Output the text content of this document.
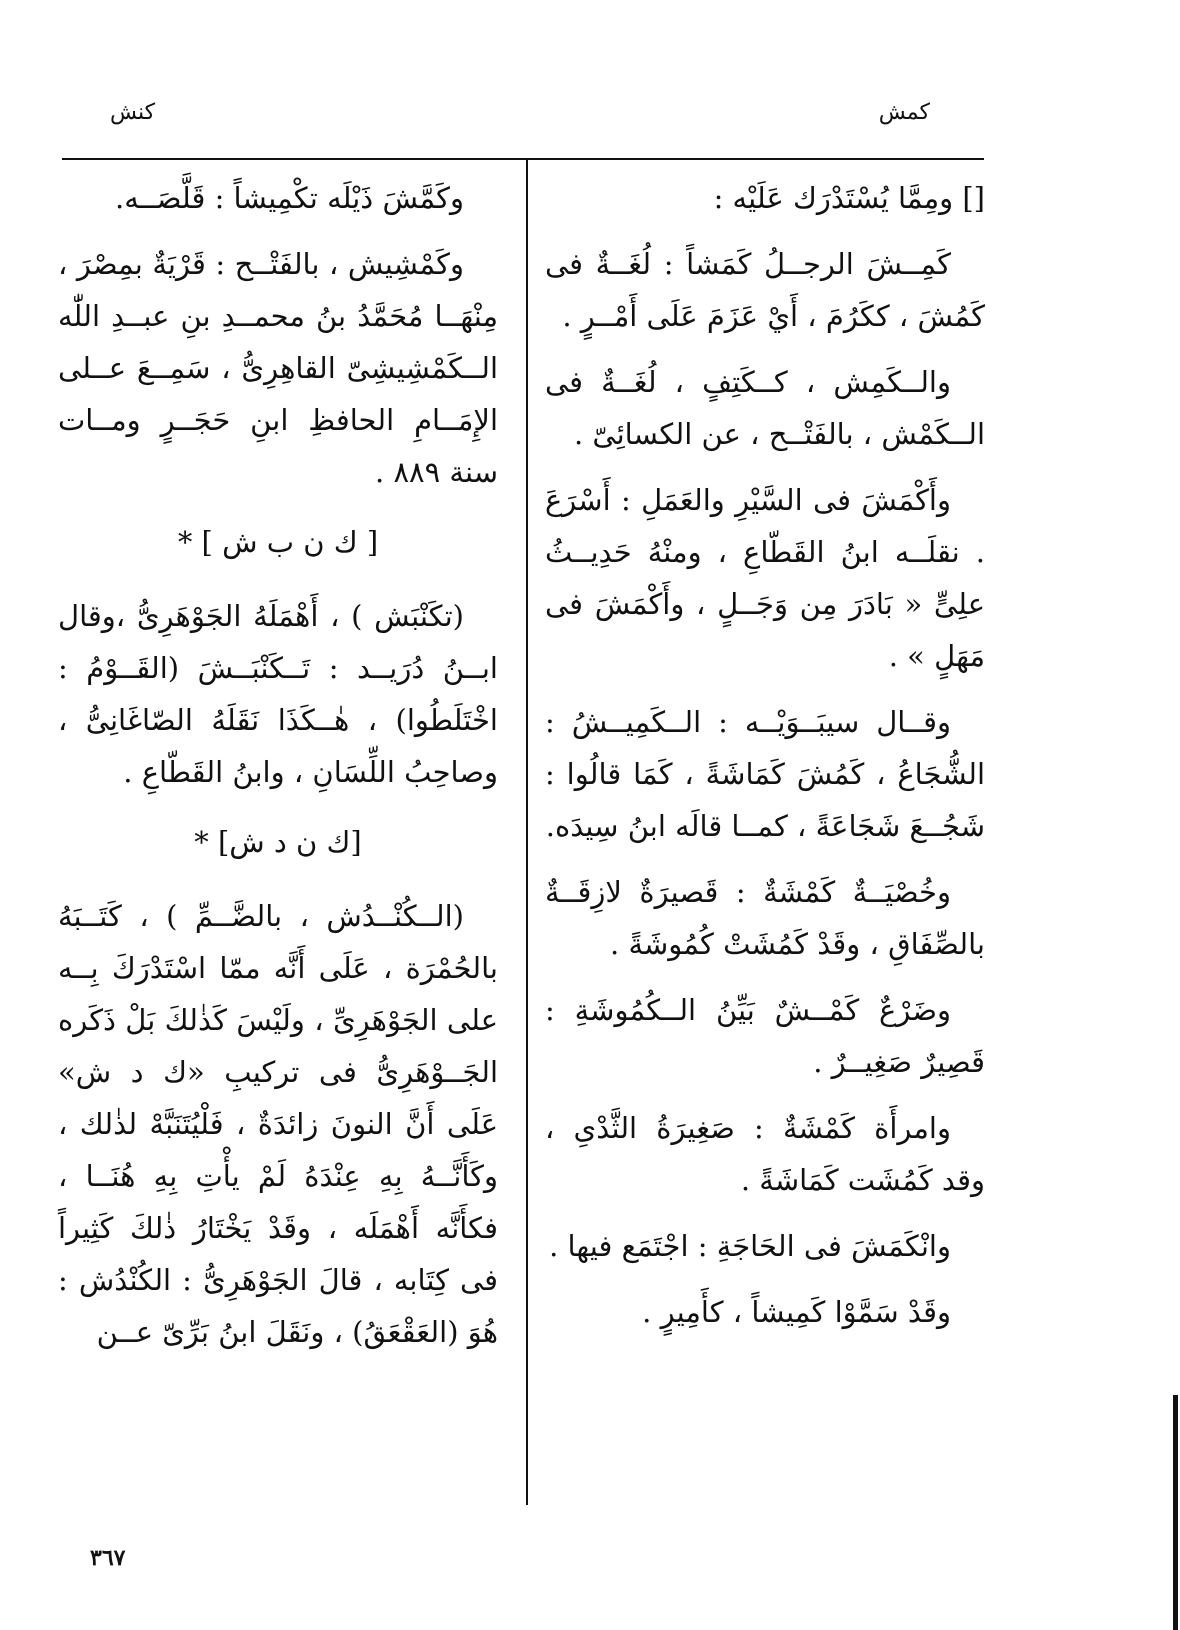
كمش
كنش

[] ومِمَّا يُسْتَدْرَك عَلَيْه :

كَمِــشَ الرجــلُ كَمَشاً : لُغَــةٌ فى كَمُشَ ، ككَرُمَ ، أَيْ عَزَمَ عَلَى أَمْــرٍ .

والــكَمِش ، كــكَتِفٍ ، لُغَــةٌ فى الــكَمْش ، بالفَتْــح ، عن الكسائِىّ .

وأَكْمَشَ فى السَّيْرِ والعَمَلِ : أَسْرَعَ . نقلَــه ابنُ القَطّاعِ ، ومنْهُ حَدِيــثُ علِىٍّ « بَادَرَ مِن وَجَــلٍ ، وأَكْمَشَ فى مَهَلٍ » .

وقــال سيبَــوَيْــه : الــكَمِيــشُ : الشُّجَاعُ ، كَمُشَ كَمَاشَةً ، كَمَا قالُوا : شَجُــعَ شَجَاعَةً ، كمــا قالَه ابنُ سِيدَه.

وخُصْيَــةٌ كَمْشَةٌ : قَصيرَةٌ لازِقَــةٌ بالصِّفَاقِ ، وقَدْ كَمُشَتْ كُمُوشَةً .

وضَرْعٌ كَمْــشٌ بَيِّنُ الــكُمُوشَةِ : قَصِيرٌ صَغِيــرٌ .

وامرأَة كَمْشَةٌ : صَغِيرَةُ الثَّدْىِ ، وقد كَمُشَت كَمَاشَةً .

وانْكَمَشَ فى الحَاجَةِ : اجْتَمَع فيها .

وقَدْ سَمَّوْا كَمِيشاً ، كأَمِيرٍ .

وكَمَّشَ ذَيْلَه تكْمِيشاً : قَلَّصَــه.

وكَمْشِيش ، بالفَتْــح : قَرْيَةٌ بمِصْرَ ، مِنْهَــا مُحَمَّدُ بنُ محمــدِ بنِ عبــدِ اللّٰه الــكَمْشِيشِىّ القاهِرِىُّ ، سَمِــعَ عــلى الإِمَــامِ الحافظِ ابنِ حَجَــرٍ ومــات سنة ٨٨٩ .

[ ك ن ب ش ] *

(تكَنْبَش ) ، أَهْمَلَهُ الجَوْهَرِىُّ ،وقال ابــنُ دُرَيــد : تَــكَنْبَــشَ (القَــوْمُ : اخْتَلَطُوا) ، هٰــكَذَا نَقَلَهُ الصّاغَانِىُّ ، وصاحِبُ اللِّسَانِ ، وابنُ القَطّاعِ .

[ك ن د ش] *

(الــكُنْــدُش ، بالضَّــمِّ ) ، كَتَــبَهُ بالحُمْرَة ، عَلَى أَنَّه ممّا اسْتَدْرَكَ بِــه على الجَوْهَرِىِّ ، ولَيْسَ كَذٰلكَ بَلْ ذَكَره الجَــوْهَرِىُّ فى تركيبِ «ك د ش» عَلَى أَنَّ النونَ زائدَةٌ ، فَلْيُتَنَبَّهْ لذٰلك ، وكَأَنَّــهُ بِهِ عِنْدَهُ لَمْ يأْتِ بِهِ هُنَــا ، فكأَنَّه أَهْمَلَه ، وقَدْ يَخْتَارُ ذٰلكَ كَثِيراً فى كِتَابه ، قالَ الجَوْهَرِىُّ : الكُنْدُش : هُوَ (العَقْعَقُ) ، ونَقَلَ ابنُ بَرِّىّ عــن

٣٦٧
